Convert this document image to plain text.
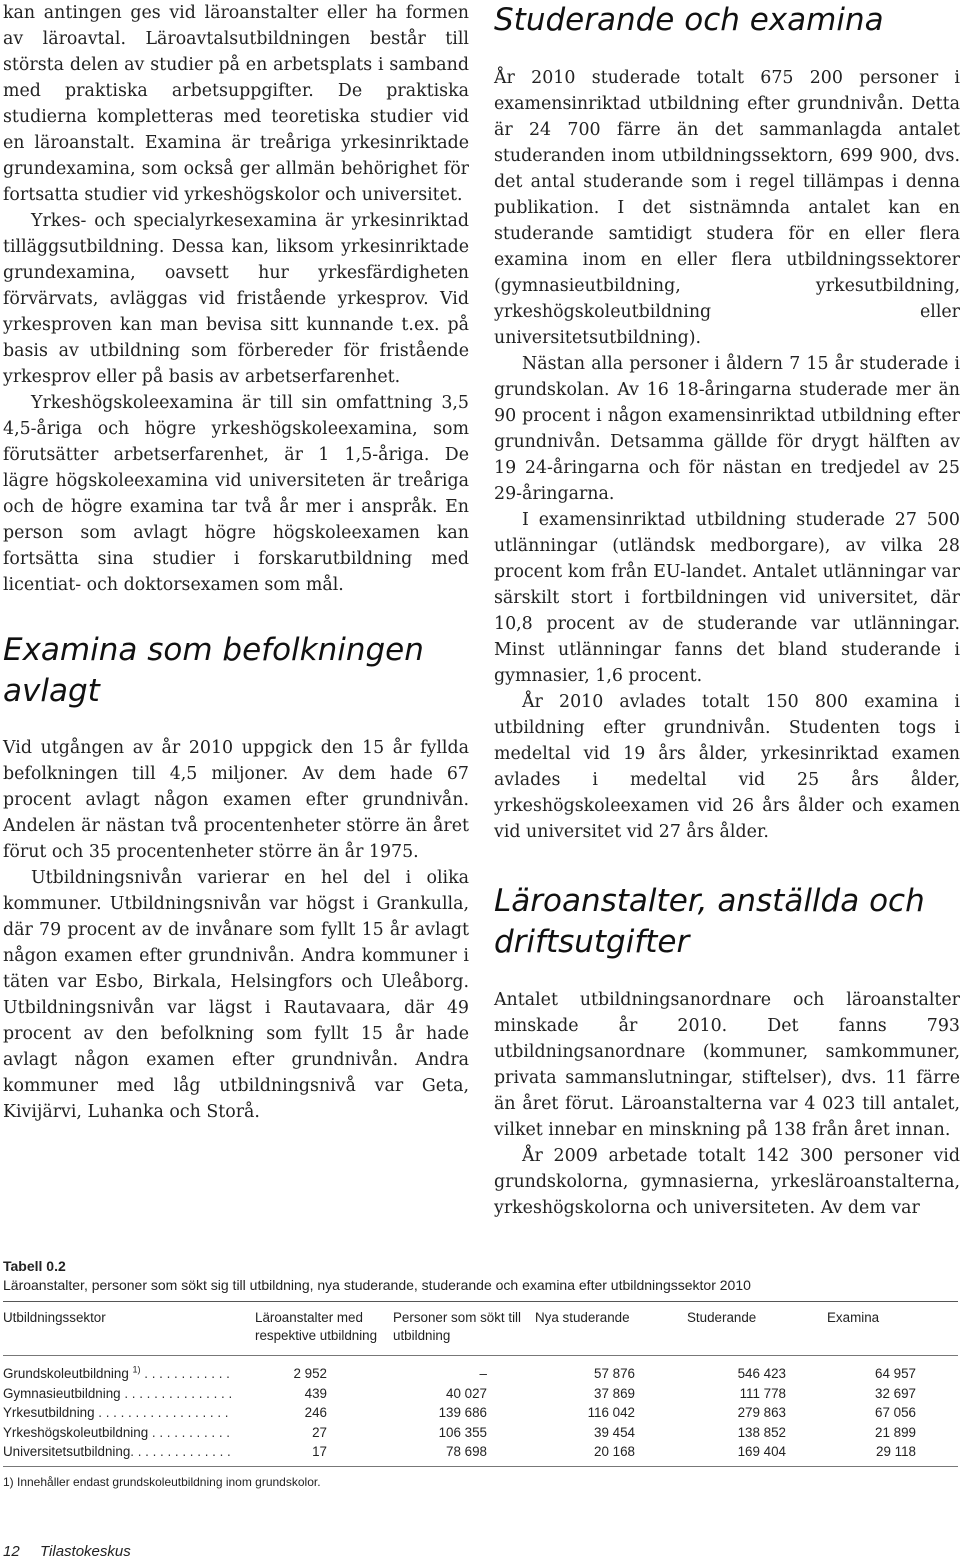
kan antingen ges vid läroanstalter eller ha formen av läroavtal. Läroavtalsutbildningen består till största delen av studier på en arbetsplats i samband med praktiska arbetsuppgifter. De praktiska studierna kompletteras med teoretiska studier vid en läroanstalt. Examina är treåriga yrkesinriktade grundexamina, som också ger allmän behörighet för fortsatta studier vid yrkeshögskolor och universitet.

Yrkes- och specialyrkesexamina är yrkesinriktad tilläggsutbildning. Dessa kan, liksom yrkesinriktade grundexamina, oavsett hur yrkesfärdigheten förvärvats, avläggas vid fristående yrkesprov. Vid yrkesproven kan man bevisa sitt kunnande t.ex. på basis av utbildning som förbereder för fristående yrkesprov eller på basis av arbetserfarenhet.

Yrkeshögskoleexamina är till sin omfattning 3,5 4,5-åriga och högre yrkeshögskoleexamina, som förutsätter arbetserfarenhet, är 1 1,5-åriga. De lägre högskoleexamina vid universiteten är treåriga och de högre examina tar två år mer i anspråk. En person som avlagt högre högskoleexamen kan fortsätta sina studier i forskarutbildning med licentiat- och doktorsexamen som mål.

Examina som befolkningen avlagt

Vid utgången av år 2010 uppgick den 15 år fyllda befolkningen till 4,5 miljoner. Av dem hade 67 procent avlagt någon examen efter grundnivån. Andelen är nästan två procentenheter större än året förut och 35 procentenheter större än år 1975.

Utbildningsnivån varierar en hel del i olika kommuner. Utbildningsnivån var högst i Grankulla, där 79 procent av de invånare som fyllt 15 år avlagt någon examen efter grundnivån. Andra kommuner i täten var Esbo, Birkala, Helsingfors och Uleåborg. Utbildningsnivån var lägst i Rautavaara, där 49 procent av den befolkning som fyllt 15 år hade avlagt någon examen efter grundnivån. Andra kommuner med låg utbildningsnivå var Geta, Kivijärvi, Luhanka och Storå.

Studerande och examina

År 2010 studerade totalt 675 200 personer i examensinriktad utbildning efter grundnivån. Detta är 24 700 färre än det sammanlagda antalet studeranden inom utbildningssektorn, 699 900, dvs. det antal studerande som i regel tillämpas i denna publikation. I det sistnämnda antalet kan en studerande samtidigt studera för en eller flera examina inom en eller flera utbildningssektorer (gymnasieutbildning, yrkesutbildning, yrkeshögskoleutbildning eller universitetsutbildning).

Nästan alla personer i åldern 7 15 år studerade i grundskolan. Av 16 18-åringarna studerade mer än 90 procent i någon examensinriktad utbildning efter grundnivån. Detsamma gällde för drygt hälften av 19 24-åringarna och för nästan en tredjedel av 25 29-åringarna.

I examensinriktad utbildning studerade 27 500 utlänningar (utländsk medborgare), av vilka 28 procent kom från EU-landet. Antalet utlänningar var särskilt stort i fortbildningen vid universitet, där 10,8 procent av de studerande var utlänningar. Minst utlänningar fanns det bland studerande i gymnasier, 1,6 procent.

År 2010 avlades totalt 150 800 examina i utbildning efter grundnivån. Studenten togs i medeltal vid 19 års ålder, yrkesinriktad examen avlades i medeltal vid 25 års ålder, yrkeshögskoleexamen vid 26 års ålder och examen vid universitet vid 27 års ålder.

Läroanstalter, anställda och driftsutgifter

Antalet utbildningsanordnare och läroanstalter minskade år 2010. Det fanns 793 utbildningsanordnare (kommuner, samkommuner, privata sammanslutningar, stiftelser), dvs. 11 färre än året förut. Läroanstalterna var 4 023 till antalet, vilket innebar en minskning på 138 från året innan.

År 2009 arbetade totalt 142 300 personer vid grundskolorna, gymnasierna, yrkesläroanstalterna, yrkeshögskolorna och universiteten. Av dem var

Tabell 0.2
Läroanstalter, personer som sökt sig till utbildning, nya studerande, studerande och examina efter utbildningssektor 2010
Utbildningssektor	Läroanstalter med respektive utbildning	Personer som sökt till utbildning	Nya studerande	Studerande	Examina

Grundskoleutbildning $^{1)}$ . . . . . . . . . . . .	2 952	–	57 876	546 423	64 957
Gymnasieutbildning . . . . . . . . . . . . . . .	439	40 027	37 869	111 778	32 697
Yrkesutbildning . . . . . . . . . . . . . . . . . .	246	139 686	116 042	279 863	67 056
Yrkeshögskoleutbildning . . . . . . . . . . .	27	106 355	39 454	138 852	21 899
Universitetsutbildning. . . . . . . . . . . . . .	17	78 698	20 168	169 404	29 118
1) Innehåller endast grundskoleutbildning inom grundskolor.
12 Tilastokeskus
